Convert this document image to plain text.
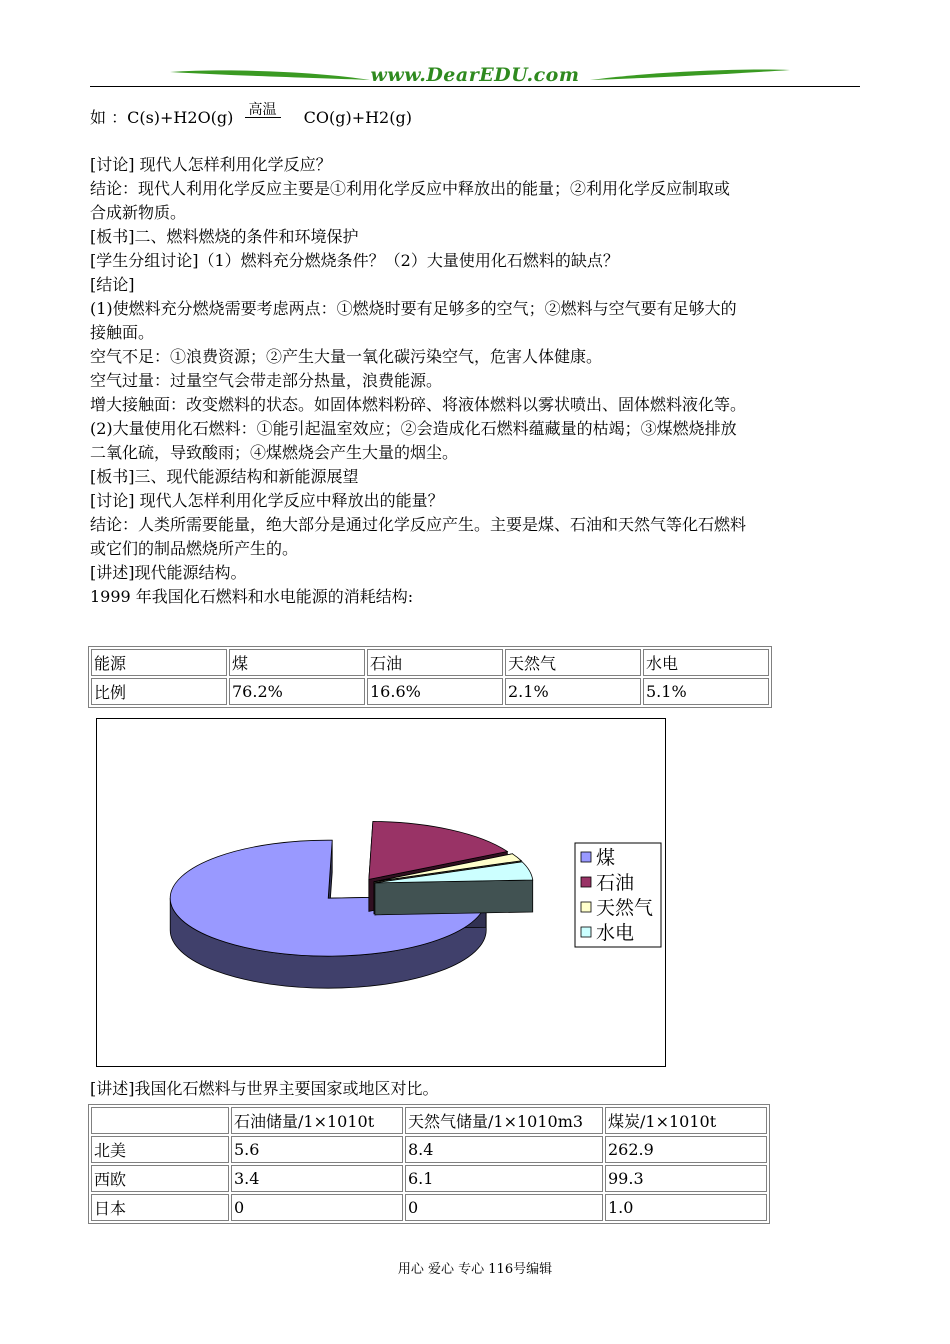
www.DearEDU.com
如 ：C(s)+H2O(g) 高温 CO(g)+H2(g)
[讨论] 现代人怎样利用化学反应？
结论：现代人利用化学反应主要是①利用化学反应中释放出的能量；②利用化学反应制取或
合成新物质。
[板书]二、燃料燃烧的条件和环境保护
[学生分组讨论]（1）燃料充分燃烧条件？（2）大量使用化石燃料的缺点？
[结论]
(1)使燃料充分燃烧需要考虑两点：①燃烧时要有足够多的空气；②燃料与空气要有足够大的
接触面。
空气不足：①浪费资源；②产生大量一氧化碳污染空气，危害人体健康。
空气过量：过量空气会带走部分热量，浪费能源。
增大接触面：改变燃料的状态。如固体燃料粉碎、将液体燃料以雾状喷出、固体燃料液化等。
(2)大量使用化石燃料：①能引起温室效应；②会造成化石燃料蕴藏量的枯竭；③煤燃烧排放
二氧化硫，导致酸雨；④煤燃烧会产生大量的烟尘。
[板书]三、现代能源结构和新能源展望
[讨论] 现代人怎样利用化学反应中释放出的能量？
结论：人类所需要能量，绝大部分是通过化学反应产生。主要是煤、石油和天然气等化石燃料
或它们的制品燃烧所产生的。
[讲述]现代能源结构。
1999 年我国化石燃料和水电能源的消耗结构:
能源	煤	石油	天然气	水电
比例	76.2%	16.6%	2.1%	5.1%
煤
石油
天然气
水电
[讲述]我国化石燃料与世界主要国家或地区对比。
	石油储量/1×1010t	天然气储量/1×1010m3	煤炭/1×1010t
北美	5.6	8.4	262.9
西欧	3.4	6.1	99.3
日本	0	0	1.0
用心 爱心 专心 116号编辑
